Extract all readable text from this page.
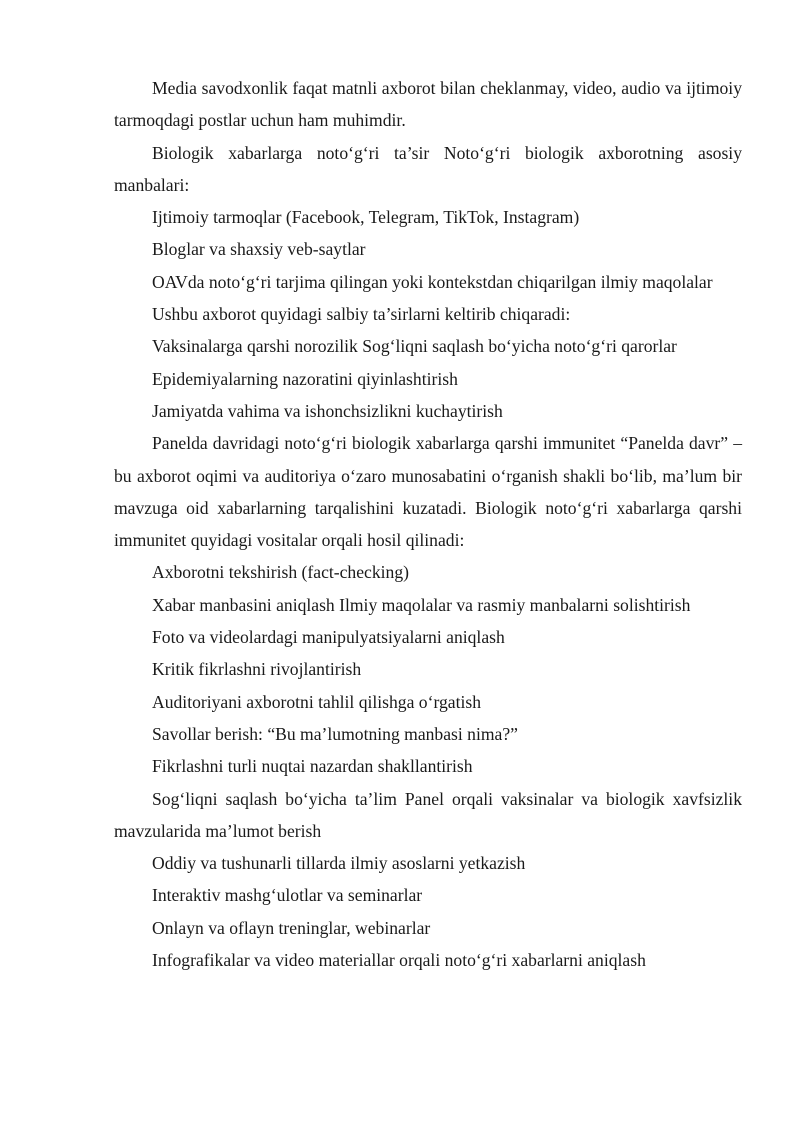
Media savodxonlik faqat matnli axborot bilan cheklanmay, video, audio va ijtimoiy tarmoqdagi postlar uchun ham muhimdir.

Biologik xabarlarga noto‘g‘ri ta’sir Noto‘g‘ri biologik axborotning asosiy manbalari:

Ijtimoiy tarmoqlar (Facebook, Telegram, TikTok, Instagram)

Bloglar va shaxsiy veb-saytlar

OAVda noto‘g‘ri tarjima qilingan yoki kontekstdan chiqarilgan ilmiy maqolalar

Ushbu axborot quyidagi salbiy ta’sirlarni keltirib chiqaradi:

Vaksinalarga qarshi norozilik Sog‘liqni saqlash bo‘yicha noto‘g‘ri qarorlar

Epidemiyalarning nazoratini qiyinlashtirish

Jamiyatda vahima va ishonchsizlikni kuchaytirish

Panelda davridagi noto‘g‘ri biologik xabarlarga qarshi immunitet “Panelda davr” – bu axborot oqimi va auditoriya o‘zaro munosabatini o‘rganish shakli bo‘lib, ma’lum bir mavzuga oid xabarlarning tarqalishini kuzatadi. Biologik noto‘g‘ri xabarlarga qarshi immunitet quyidagi vositalar orqali hosil qilinadi:

Axborotni tekshirish (fact-checking)

Xabar manbasini aniqlash Ilmiy maqolalar va rasmiy manbalarni solishtirish

Foto va videolardagi manipulyatsiyalarni aniqlash

Kritik fikrlashni rivojlantirish

Auditoriyani axborotni tahlil qilishga o‘rgatish

Savollar berish: “Bu ma’lumotning manbasi nima?”

Fikrlashni turli nuqtai nazardan shakllantirish

Sog‘liqni saqlash bo‘yicha ta’lim Panel orqali vaksinalar va biologik xavfsizlik mavzularida ma’lumot berish

Oddiy va tushunarli tillarda ilmiy asoslarni yetkazish

Interaktiv mashg‘ulotlar va seminarlar

Onlayn va oflayn treninglar, webinarlar

Infografikalar va video materiallar orqali noto‘g‘ri xabarlarni aniqlash
